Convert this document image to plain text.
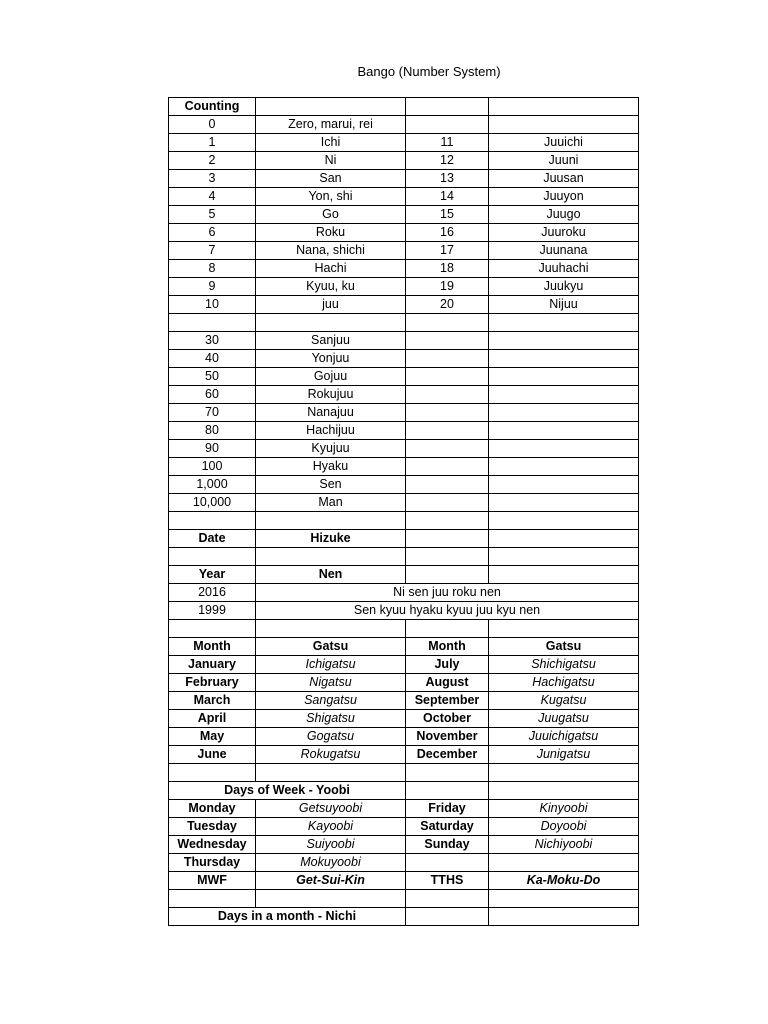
Bango (Number System)
Counting			
0	Zero, marui, rei		
1	Ichi	11	Juuichi
2	Ni	12	Juuni
3	San	13	Juusan
4	Yon, shi	14	Juuyon
5	Go	15	Juugo
6	Roku	16	Juuroku
7	Nana, shichi	17	Juunana
8	Hachi	18	Juuhachi
9	Kyuu, ku	19	Juukyu
10	juu	20	Nijuu

30	Sanjuu		
40	Yonjuu		
50	Gojuu		
60	Rokujuu		
70	Nanajuu		
80	Hachijuu		
90	Kyujuu		
100	Hyaku		
1,000	Sen		
10,000	Man		

Date	Hizuke		

Year	Nen		
2016	Ni sen juu roku nen		
1999	Sen kyuu hyaku kyuu juu kyu nen		

Month	Gatsu	Month	Gatsu
January	Ichigatsu	July	Shichigatsu
February	Nigatsu	August	Hachigatsu
March	Sangatsu	September	Kugatsu
April	Shigatsu	October	Juugatsu
May	Gogatsu	November	Juuichigatsu
June	Rokugatsu	December	Junigatsu

Days of Week - Yoobi			
Monday	Getsuyoobi	Friday	Kinyoobi
Tuesday	Kayoobi	Saturday	Doyoobi
Wednesday	Suiyoobi	Sunday	Nichiyoobi
Thursday	Mokuyoobi		
MWF	Get-Sui-Kin	TTHS	Ka-Moku-Do

Days in a month - Nichi			
